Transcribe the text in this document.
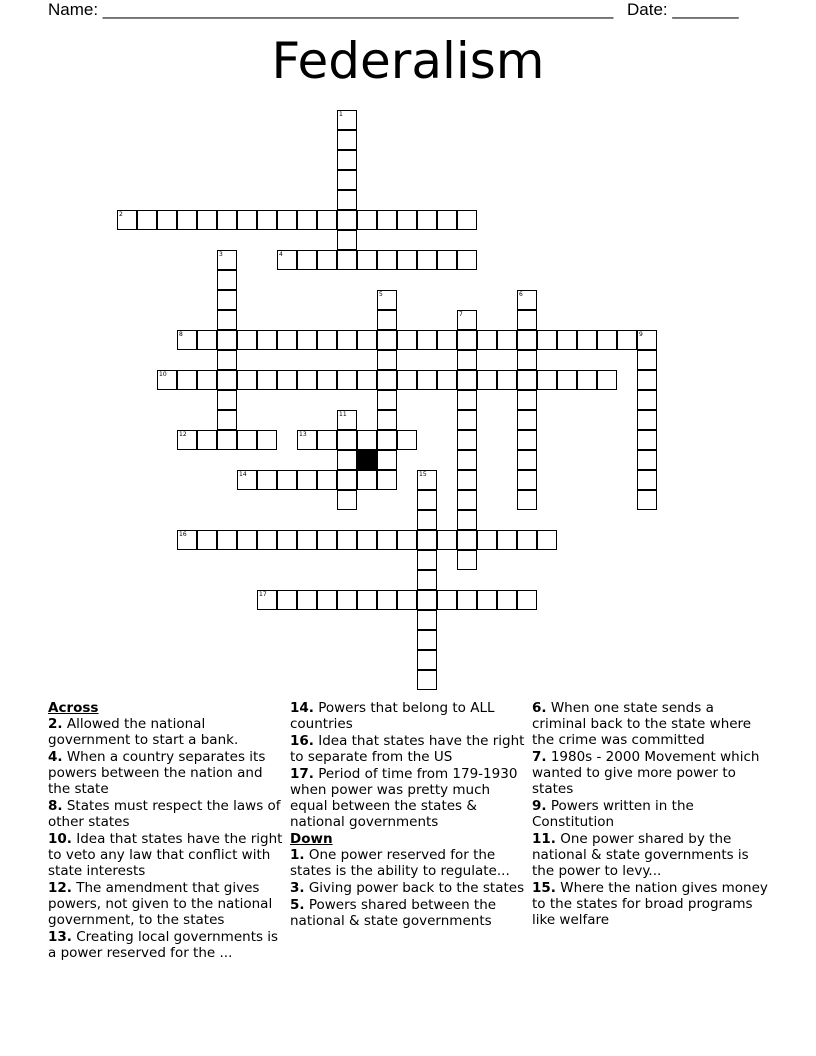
Name: ______________________________________________________ Date: _______
Federalism
1
2
3	4
5	6
7
8	9
10
11
12	13
14	15
16
17
Across
2. Allowed the national government to start a bank.
4. When a country separates its powers between the nation and the state
8. States must respect the laws of other states
10. Idea that states have the right to veto any law that conflict with state interests
12. The amendment that gives powers, not given to the national government, to the states
13. Creating local governments is a power reserved for the ...
14. Powers that belong to ALL countries
16. Idea that states have the right to separate from the US
17. Period of time from 179-1930 when power was pretty much equal between the states & national governments
Down
1. One power reserved for the states is the ability to regulate...
3. Giving power back to the states
5. Powers shared between the national & state governments
6. When one state sends a criminal back to the state where the crime was committed
7. 1980s - 2000 Movement which wanted to give more power to states
9. Powers written in the Constitution
11. One power shared by the national & state governments is the power to levy...
15. Where the nation gives money to the states for broad programs like welfare
